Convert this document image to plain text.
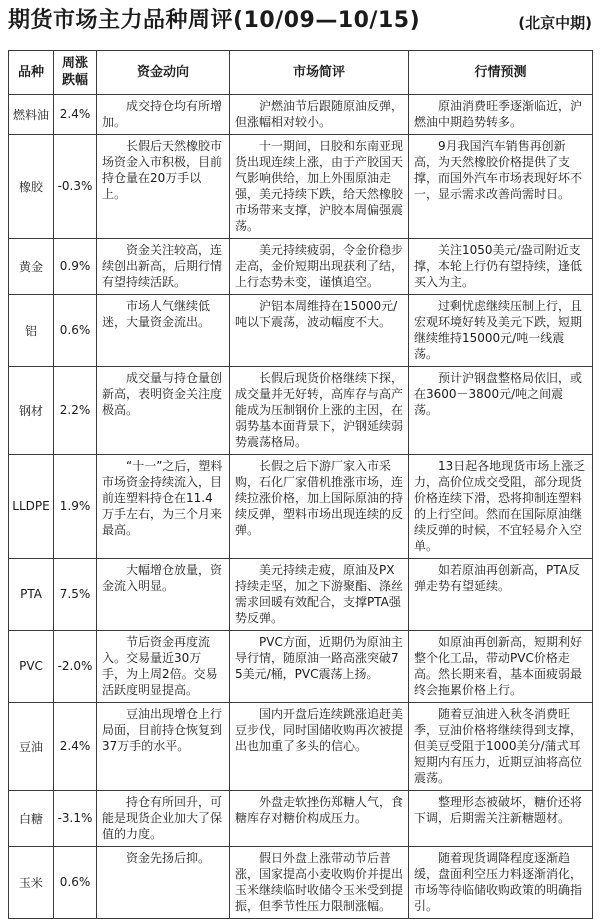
期货市场主力品种周评(10/09—10/15)	(北京中期)
品种	周涨跌幅	资金动向	市场简评	行情预测
燃料油	2.4%	成交持仓均有所增加。	沪燃油节后跟随原油反弹，但涨幅相对较小。	原油消费旺季逐渐临近，沪燃油中期趋势转多。
橡胶	-0.3%	长假后天然橡胶市场资金入市积极，目前持仓量在20万手以上。	十一期间，日胶和东南亚现货出现连续上涨，由于产胶国天气影响供给，加上外围原油走强，美元持续下跌，给天然橡胶市场带来支撑，沪胶本周偏强震荡。	9月我国汽车销售再创新高，为天然橡胶价格提供了支撑，而国外汽车市场表现好坏不一，显示需求改善尚需时日。
黄金	0.9%	资金关注较高，连续创出新高，后期行情有望持续活跃。	美元持续疲弱，令金价稳步走高，金价短期出现获利了结，上行态势未变，谨慎追空。	关注1050美元/盎司附近支撑，本轮上行仍有望持续，逢低买入为主。
铝	0.6%	市场人气继续低迷，大量资金流出。	沪铝本周维持在15000元/吨以下震荡，波动幅度不大。	过剩忧虑继续压制上行，且宏观环境好转及美元下跌，短期继续维持15000元/吨一线震荡。
钢材	2.2%	成交量与持仓量创新高，表明资金关注度极高。	长假后现货价格继续下探，成交量并无好转，高库存与高产能成为压制钢价上涨的主因，在弱势基本面背景下，沪钢延续弱势震荡格局。	预计沪钢盘整格局依旧，或在3600－3800元/吨之间震荡。
LLDPE	1.9%	“十一”之后，塑料市场资金持续流入，目前连塑料持仓在11.4万手左右，为三个月来最高。	长假之后下游厂家入市采购，石化厂家借机推涨市场，连续拉涨价格，加上国际原油的持续反弹，塑料市场出现连续的反弹。	13日起各地现货市场上涨乏力，高价位成交受阻，部分现货价格连续下滑，恐将抑制连塑料的上行空间。然而在国际原油继续反弹的时候，不宜轻易介入空单。
PTA	7.5%	大幅增仓放量，资金流入明显。	美元持续走疲，原油及PX持续走坚，加之下游聚酯、涤丝需求回暖有效配合，支撑PTA强势反弹。	如若原油再创新高，PTA反弹走势有望延续。
PVC	-2.0%	节后资金再度流入。交易量近30万手，为上周2倍。交易活跃度明显提高。	PVC方面，近期仍为原油主导行情，随原油一路高涨突破75美元/桶，PVC震荡上扬。	如原油再创新高，短期利好整个化工品，带动PVC价格走高。然长期来看，基本面疲弱最终会拖累价格上行。
豆油	2.4%	豆油出现增仓上行局面，目前持仓恢复到37万手的水平。	国内开盘后连续跳涨追赶美豆步伐，同时国储收购再次被提出也加重了多头的信心。	随着豆油进入秋冬消费旺季，豆油价格将继续得到支撑，但美豆受阻于1000美分/蒲式耳短期内有压力，近期豆油将高位震荡。
白糖	-3.1%	持仓有所回升，可能是现货企业加大了保值的力度。	外盘走软挫伤郑糖人气，食糖库存对糖价构成压力。	整理形态被破坏，糖价还将下调，后期需关注新糖题材。
玉米	0.6%	资金先扬后抑。	假日外盘上涨带动节后普涨，国家提高小麦收购价并提出玉米继续临时收储令玉米受到提振，但季节性压力限制涨幅。	随着现货调降程度逐渐趋缓，盘面利空压力料逐渐消化，市场等待临储收购政策的明确指引。
